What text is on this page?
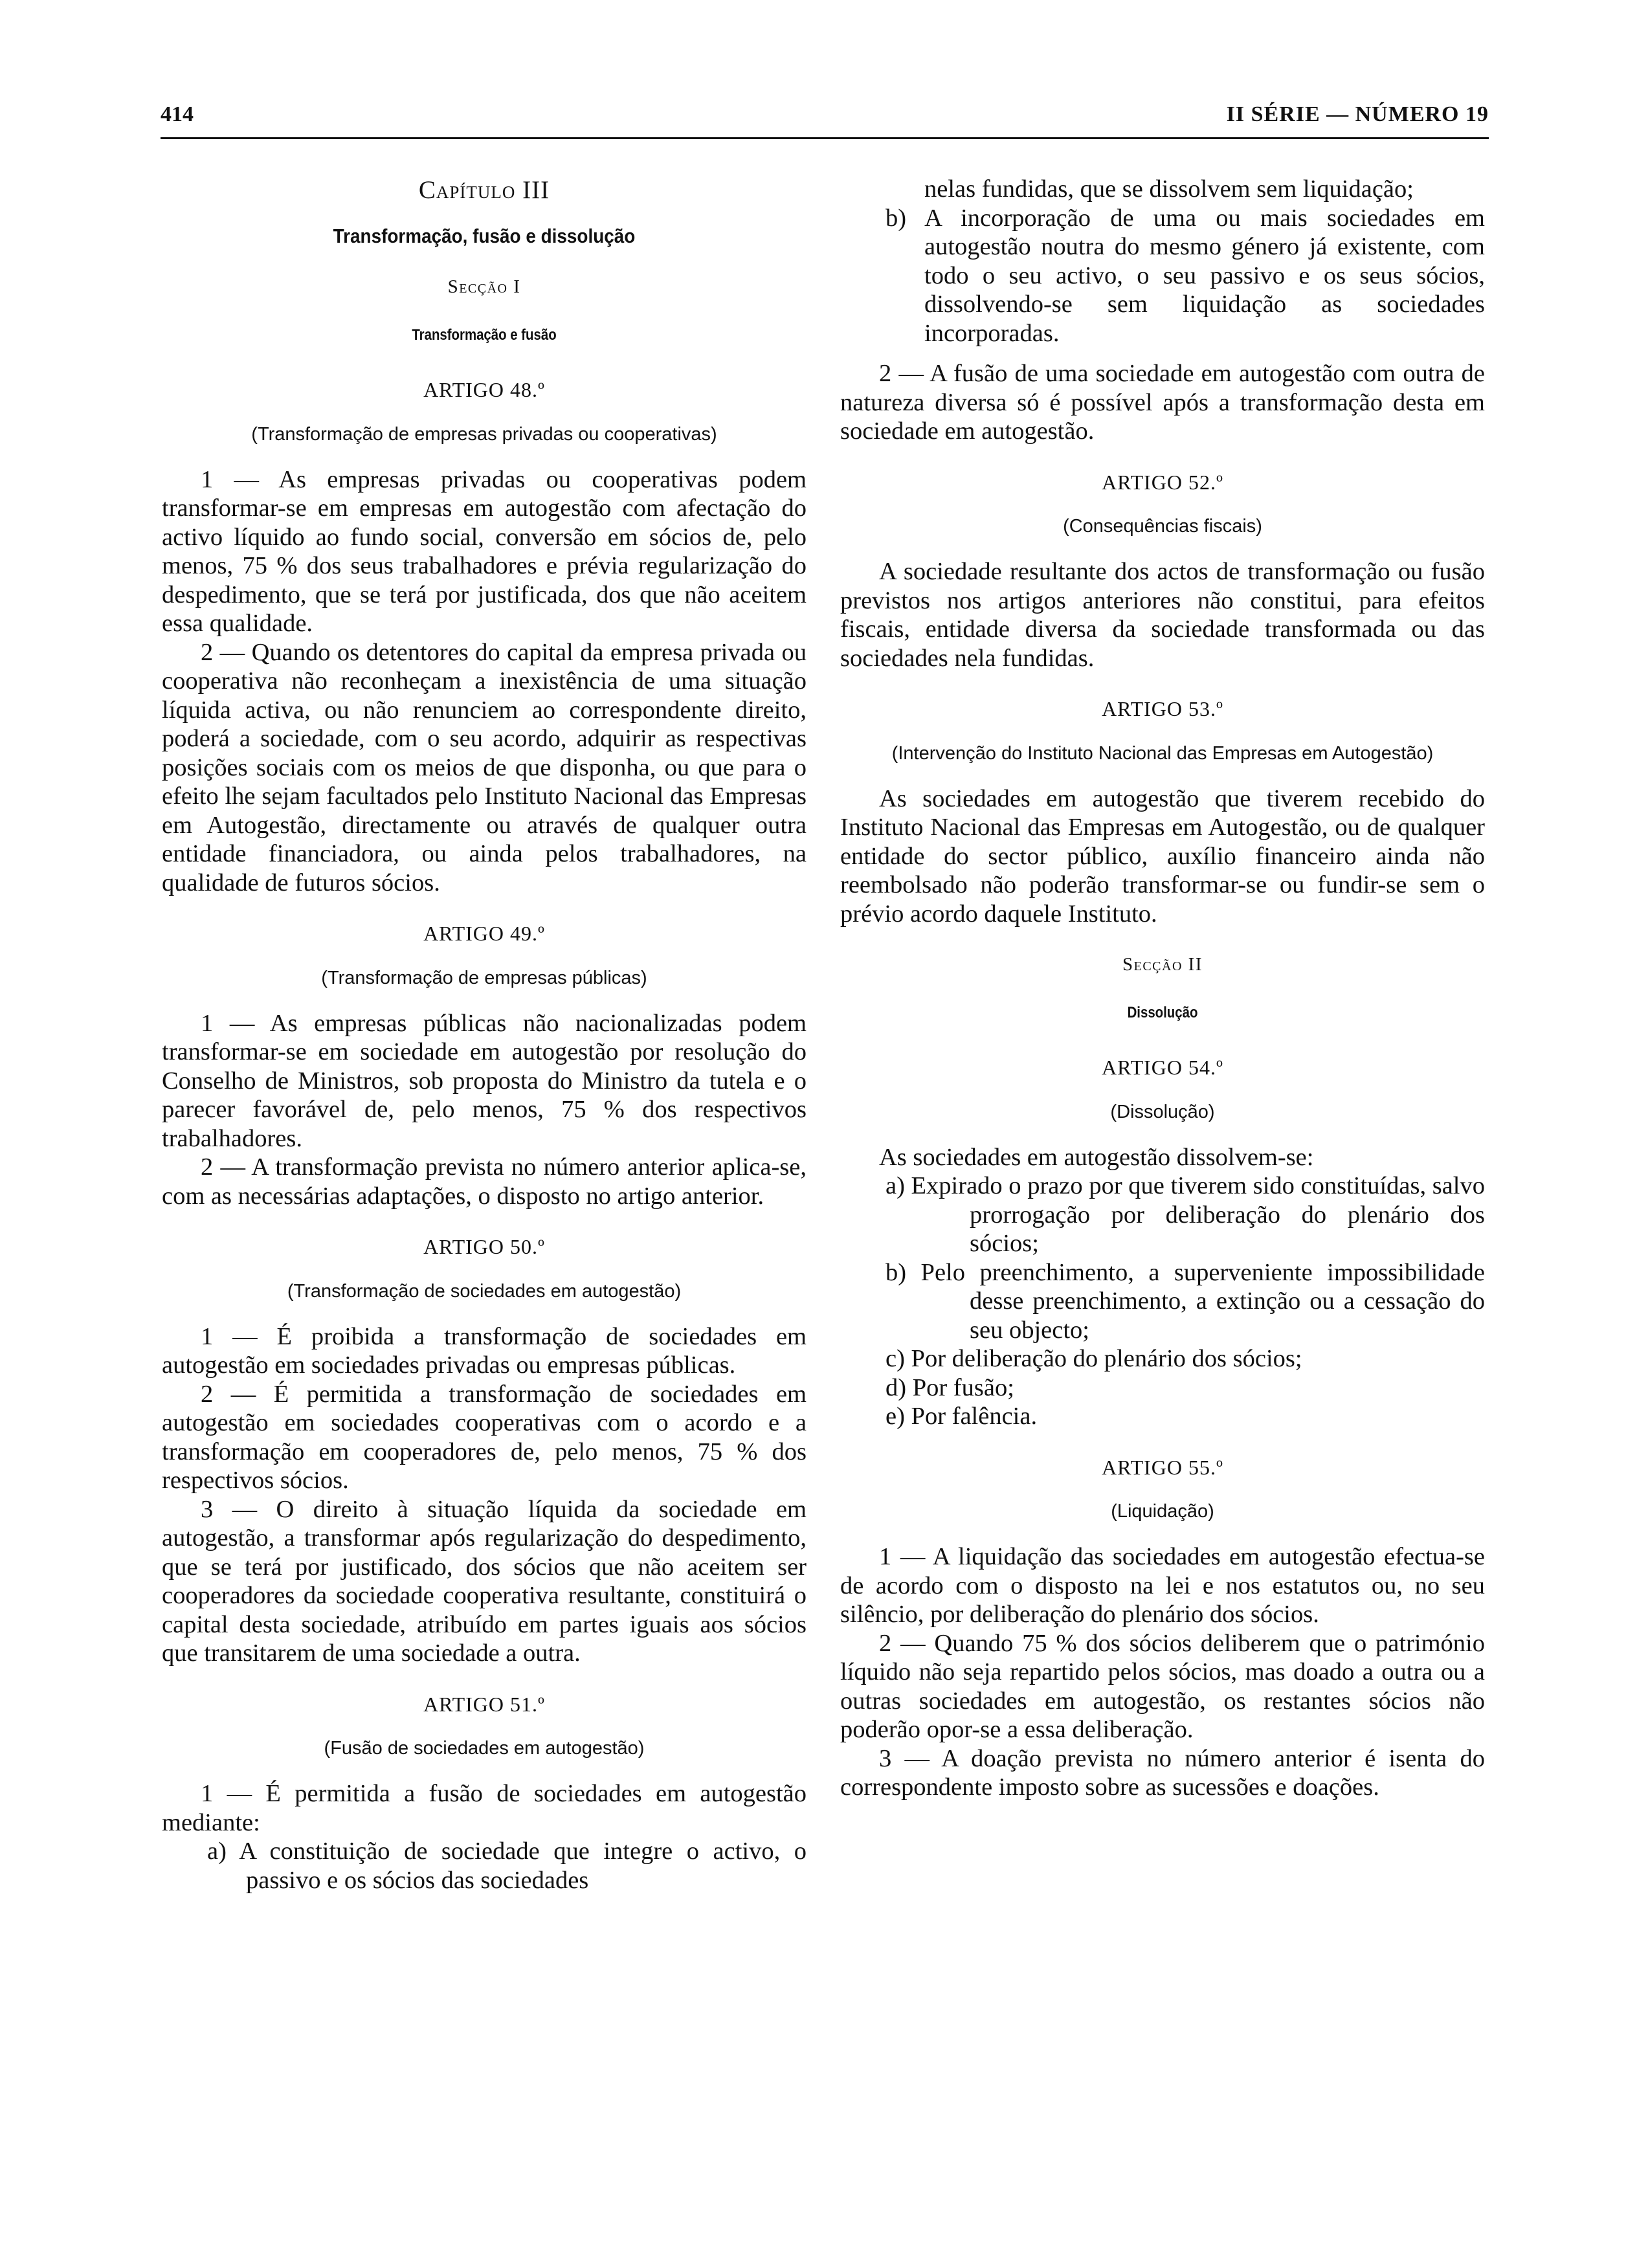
414	II SÉRIE — NÚMERO 19

Capítulo III

Transformação, fusão e dissolução

Secção I

Transformação e fusão

ARTIGO 48.º

(Transformação de empresas privadas ou cooperativas)

1 — As empresas privadas ou cooperativas podem transformar-se em empresas em autogestão com afectação do activo líquido ao fundo social, conversão em sócios de, pelo menos, 75 % dos seus trabalhadores e prévia regularização do despedimento, que se terá por justificada, dos que não aceitem essa qualidade.

2 — Quando os detentores do capital da empresa privada ou cooperativa não reconheçam a inexistência de uma situação líquida activa, ou não renunciem ao correspondente direito, poderá a sociedade, com o seu acordo, adquirir as respectivas posições sociais com os meios de que disponha, ou que para o efeito lhe sejam facultados pelo Instituto Nacional das Empresas em Autogestão, directamente ou através de qualquer outra entidade financiadora, ou ainda pelos trabalhadores, na qualidade de futuros sócios.

ARTIGO 49.º

(Transformação de empresas públicas)

1 — As empresas públicas não nacionalizadas podem transformar-se em sociedade em autogestão por resolução do Conselho de Ministros, sob proposta do Ministro da tutela e o parecer favorável de, pelo menos, 75 % dos respectivos trabalhadores.

2 — A transformação prevista no número anterior aplica-se, com as necessárias adaptações, o disposto no artigo anterior.

ARTIGO 50.º

(Transformação de sociedades em autogestão)

1 — É proibida a transformação de sociedades em autogestão em sociedades privadas ou empresas públicas.

2 — É permitida a transformação de sociedades em autogestão em sociedades cooperativas com o acordo e a transformação em cooperadores de, pelo menos, 75 % dos respectivos sócios.

3 — O direito à situação líquida da sociedade em autogestão, a transformar após regularização do despedimento, que se terá por justificado, dos sócios que não aceitem ser cooperadores da sociedade cooperativa resultante, constituirá o capital desta sociedade, atribuído em partes iguais aos sócios que transitarem de uma sociedade a outra.

ARTIGO 51.º

(Fusão de sociedades em autogestão)

1 — É permitida a fusão de sociedades em autogestão mediante:

a) A constituição de sociedade que integre o activo, o passivo e os sócios das sociedades

nelas fundidas, que se dissolvem sem liquidação;

b) A incorporação de uma ou mais sociedades em autogestão noutra do mesmo género já existente, com todo o seu activo, o seu passivo e os seus sócios, dissolvendo-se sem liquidação as sociedades incorporadas.

2 — A fusão de uma sociedade em autogestão com outra de natureza diversa só é possível após a transformação desta em sociedade em autogestão.

ARTIGO 52.º

(Consequências fiscais)

A sociedade resultante dos actos de transformação ou fusão previstos nos artigos anteriores não constitui, para efeitos fiscais, entidade diversa da sociedade transformada ou das sociedades nela fundidas.

ARTIGO 53.º

(Intervenção do Instituto Nacional das Empresas em Autogestão)

As sociedades em autogestão que tiverem recebido do Instituto Nacional das Empresas em Autogestão, ou de qualquer entidade do sector público, auxílio financeiro ainda não reembolsado não poderão transformar-se ou fundir-se sem o prévio acordo daquele Instituto.

Secção II

Dissolução

ARTIGO 54.º

(Dissolução)

As sociedades em autogestão dissolvem-se:

a) Expirado o prazo por que tiverem sido constituídas, salvo prorrogação por deliberação do plenário dos sócios;

b) Pelo preenchimento, a superveniente impossibilidade desse preenchimento, a extinção ou a cessação do seu objecto;

c) Por deliberação do plenário dos sócios;

d) Por fusão;

e) Por falência.

ARTIGO 55.º

(Liquidação)

1 — A liquidação das sociedades em autogestão efectua-se de acordo com o disposto na lei e nos estatutos ou, no seu silêncio, por deliberação do plenário dos sócios.

2 — Quando 75 % dos sócios deliberem que o património líquido não seja repartido pelos sócios, mas doado a outra ou a outras sociedades em autogestão, os restantes sócios não poderão opor-se a essa deliberação.

3 — A doação prevista no número anterior é isenta do correspondente imposto sobre as sucessões e doações.
